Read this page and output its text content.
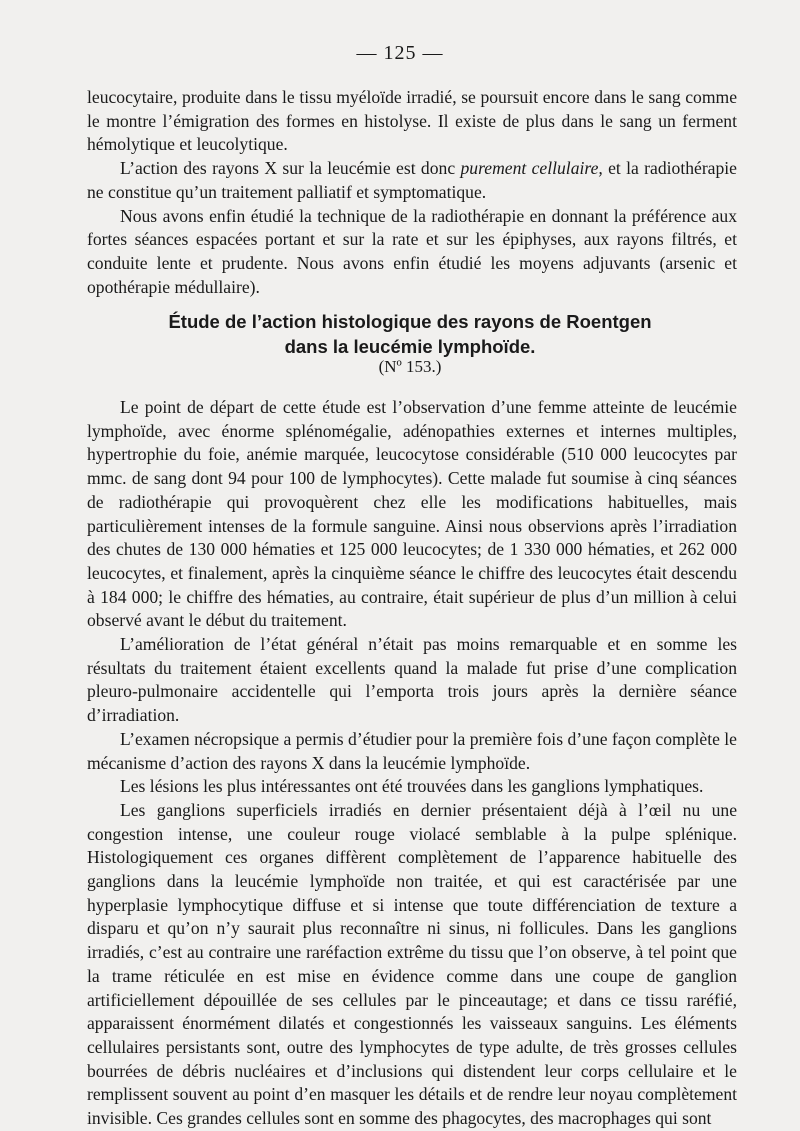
— 125 —

leucocytaire, produite dans le tissu myéloïde irradié, se poursuit encore dans le sang comme le montre l’émigration des formes en histolyse. Il existe de plus dans le sang un ferment hémolytique et leucolytique.

L’action des rayons X sur la leucémie est donc purement cellulaire, et la radiothérapie ne constitue qu’un traitement palliatif et symptomatique.

Nous avons enfin étudié la technique de la radiothérapie en donnant la préférence aux fortes séances espacées portant et sur la rate et sur les épiphyses, aux rayons filtrés, et conduite lente et prudente. Nous avons enfin étudié les moyens adjuvants (arsenic et opothérapie médullaire).

Étude de l’action histologique des rayons de Roentgen
dans la leucémie lymphoïde.
(Nº 153.)

Le point de départ de cette étude est l’observation d’une femme atteinte de leucémie lymphoïde, avec énorme splénomégalie, adénopathies externes et internes multiples, hypertrophie du foie, anémie marquée, leucocytose considérable (510 000 leucocytes par mmc. de sang dont 94 pour 100 de lymphocytes). Cette malade fut soumise à cinq séances de radiothérapie qui provoquèrent chez elle les modifications habituelles, mais particulièrement intenses de la formule sanguine. Ainsi nous observions après l’irradiation des chutes de 130 000 hématies et 125 000 leucocytes; de 1 330 000 hématies, et 262 000 leucocytes, et finalement, après la cinquième séance le chiffre des leucocytes était descendu à 184 000; le chiffre des hématies, au contraire, était supérieur de plus d’un million à celui observé avant le début du traitement.

L’amélioration de l’état général n’était pas moins remarquable et en somme les résultats du traitement étaient excellents quand la malade fut prise d’une complication pleuro-pulmonaire accidentelle qui l’emporta trois jours après la dernière séance d’irradiation.

L’examen nécropsique a permis d’étudier pour la première fois d’une façon complète le mécanisme d’action des rayons X dans la leucémie lymphoïde.

Les lésions les plus intéressantes ont été trouvées dans les ganglions lymphatiques.

Les ganglions superficiels irradiés en dernier présentaient déjà à l’œil nu une congestion intense, une couleur rouge violacé semblable à la pulpe splénique. Histologiquement ces organes diffèrent complètement de l’apparence habituelle des ganglions dans la leucémie lymphoïde non traitée, et qui est caractérisée par une hyperplasie lymphocytique diffuse et si intense que toute différenciation de texture a disparu et qu’on n’y saurait plus reconnaître ni sinus, ni follicules. Dans les ganglions irradiés, c’est au contraire une raréfaction extrême du tissu que l’on observe, à tel point que la trame réticulée en est mise en évidence comme dans une coupe de ganglion artificiellement dépouillée de ses cellules par le pinceautage; et dans ce tissu raréfié, apparaissent énormément dilatés et congestionnés les vaisseaux sanguins. Les éléments cellulaires persistants sont, outre des lymphocytes de type adulte, de très grosses cellules bourrées de débris nucléaires et d’inclusions qui distendent leur corps cellulaire et le remplissent souvent au point d’en masquer les détails et de rendre leur noyau complètement invisible. Ces grandes cellules sont en somme des phagocytes, des macrophages qui sont
